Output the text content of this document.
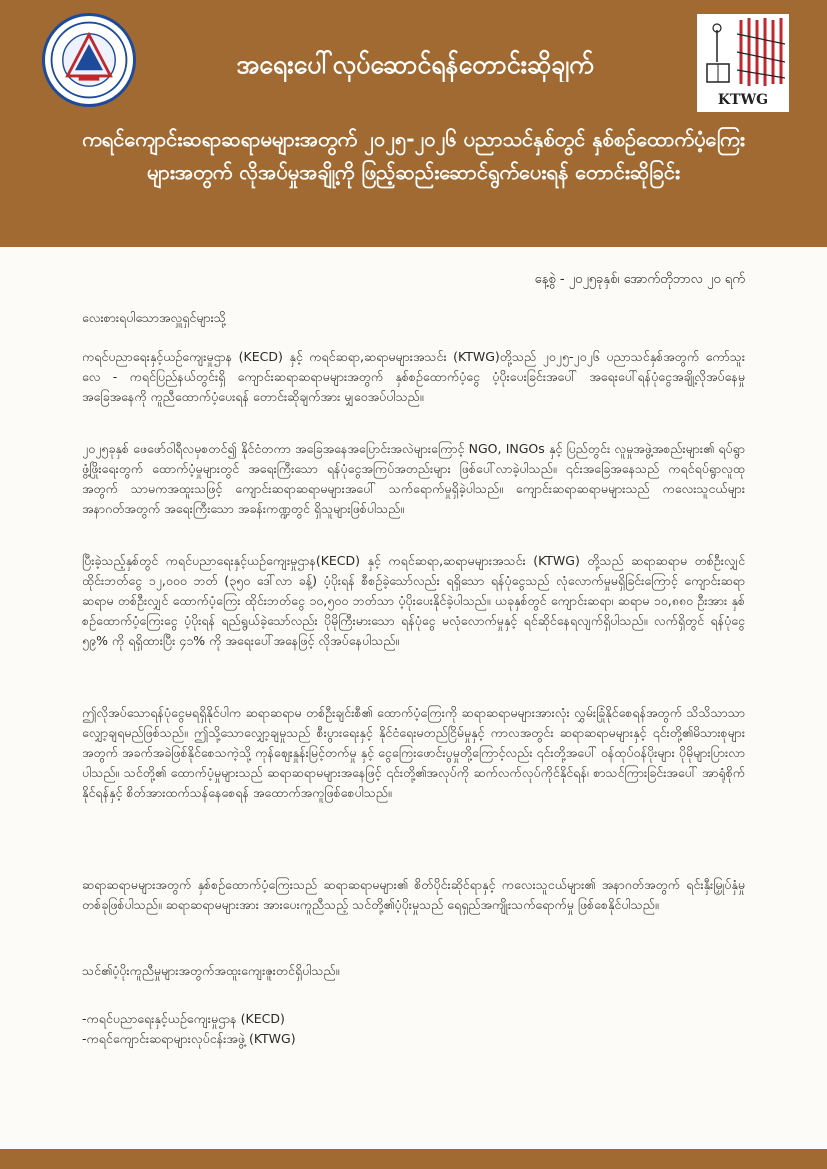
အရေးပေါ်လုပ်ဆောင်ရန်တောင်းဆိုချက်
KTWG
ကရင်ကျောင်းဆရာဆရာမများအတွက် ၂၀၂၅-၂၀၂၆ ပညာသင်နှစ်တွင် နှစ်စဥ်ထောက်ပံ့ကြေးများအတွက် လိုအပ်မှုအချို့ကို ဖြည့်ဆည်းဆောင်ရွက်ပေးရန် တောင်းဆိုခြင်း
နေ့စွဲ - ၂၀၂၅ခုနှစ်၊ အောက်တိုဘာလ ၂၀ ရက်
လေးစားရပါသောအလှူရှင်များသို့
ကရင်ပညာရေးနှင့်ယဉ်ကျေးမှုဌာန (KECD) နှင့် ကရင်ဆရာ,ဆရာမများအသင်း (KTWG)တို့သည် ၂၀၂၅-၂၀၂၆ ပညာသင်နှစ်အတွက် ကော်သူးလေ - ကရင်ပြည်နယ်တွင်းရှိ ကျောင်းဆရာဆရာမများအတွက် နှစ်စဥ်ထောက်ပံ့ငွေ ပံ့ပိုးပေးခြင်းအပေါ် အရေးပေါ်ရန်ပုံငွေအချို့လိုအပ်နေမှုအခြေအနေကို ကူညီထောက်ပံ့ပေးရန် တောင်းဆိုချက်အား မျှဝေအပ်ပါသည်။
၂၀၂၅ခုနှစ် ဖေဖော်ဝါရီလမှစတင်၍ နိုင်ငံတကာ အခြေအနေအပြောင်းအလဲများကြောင့် NGO, INGOs နှင့် ပြည်တွင်း လူမှုအဖွဲ့အစည်းများ၏ ရပ်ရွာဖွံ့ဖြိုးရေးတွက် ထောက်ပံ့မှုများတွင် အရေးကြီးသော ရန်ပုံငွေအကြပ်အတည်းများ ဖြစ်ပေါ်လာခဲ့ပါသည်။ ၎င်းအခြေအနေသည် ကရင်ရပ်ရွာလူထုအတွက် သာမကအထူးသဖြင့် ကျောင်းဆရာဆရာမများအပေါ် သက်ရောက်မှုရှိခဲ့ပါသည်။ ကျောင်းဆရာဆရာမများသည် ကလေးသူငယ်များ အနာဂတ်အတွက် အရေးကြီးသော အခန်းကဏ္ဍတွင် ရှိသူများဖြစ်ပါသည်။
ပြီးခဲ့သည့်နှစ်တွင် ကရင်ပညာရေးနှင့်ယဉ်ကျေးမှုဌာန(KECD) နှင့် ကရင်ဆရာ,ဆရာမများအသင်း (KTWG) တို့သည် ဆရာဆရာမ တစ်ဦးလျှင် ထိုင်းဘတ်ငွေ ၁၂,၀၀၀ ဘတ် (၃၅၀ ဒေါ်လာ ခန့်) ပံ့ပိုးရန် စီစဥ်ခဲ့သော်လည်း ရရှိသော ရန်ပုံငွေသည် လုံလောက်မှုမရှိခြင်းကြောင့် ကျောင်းဆရာဆရာမ တစ်ဦးလျှင် ထောက်ပံ့ကြေး ထိုင်းဘတ်ငွေ ၁၀,၅၀၀ ဘတ်သာ ပံ့ပိုးပေးနိုင်ခဲ့ပါသည်။ ယခုနှစ်တွင် ကျောင်းဆရာ၊ ဆရာမ ၁၀,၈၈၀ ဦးအား နှစ်စဥ်ထောက်ပံ့ကြေးငွေ ပံ့ပိုးရန် ရည်ရွယ်ခဲ့သော်လည်း ပိုမိုကြီးမားသော ရန်ပုံငွေ မလုံလောက်မှုနှင့် ရင်ဆိုင်နေရလျက်ရှိပါသည်။ လက်ရှိတွင် ရန်ပုံငွေ ၅၉% ကို ရရှိထားပြီး ၄၁% ကို အရေးပေါ်အနေဖြင့် လိုအပ်နေပါသည်။
ဤလိုအပ်သောရန်ပုံငွေမရရှိနိုင်ပါက ဆရာဆရာမ တစ်ဦးချင်းစီ၏ ထောက်ပံ့ကြေးကို ဆရာဆရာမများအားလုံး လွှမ်းခြုံနိုင်စေရန်အတွက် သိသိသာသာလျှော့ချရမည်ဖြစ်သည်။ ဤသို့သောလျှော့ချမှုသည် စီးပွားရေးနှင့် နိုင်ငံရေးမတည်ငြိမ်မှုနှင့် ကာလအတွင်း ဆရာဆရာမများနှင့် ၎င်းတို့၏မိသားစုများအတွက် အခက်အခဲဖြစ်နိုင်စေသကဲ့သို့ ကုန်ဈေးနှုန်းမြင့်တက်မှု နှင့် ငွေကြေးဖောင်းပွမှုတို့ကြောင့်လည်း ၎င်းတို့အပေါ် ဝန်ထုပ်ဝန်ပိုးများ ပိုမိုများပြားလာပါသည်။ သင်တို့၏ ထောက်ပံ့မှုများသည် ဆရာဆရာမများအနေဖြင့် ၎င်းတို့၏အလုပ်ကို ဆက်လက်လုပ်ကိုင်နိုင်ရန်၊ စာသင်ကြားခြင်းအပေါ် အာရုံစိုက်နိုင်ရန်နှင့် စိတ်အားထက်သန်နေစေရန် အထောက်အကူဖြစ်စေပါသည်။
ဆရာဆရာမများအတွက် နှစ်စဥ်ထောက်ပံ့ကြေးသည် ဆရာဆရာမများ၏ စိတ်ပိုင်းဆိုင်ရာနှင့် ကလေးသူငယ်များ၏ အနာဂတ်အတွက် ရင်းနှီးမြှုပ်နှံမှုတစ်ခုဖြစ်ပါသည်။ ဆရာဆရာမများအား အားပေးကူညီသည့် သင်တို့၏ပံ့ပိုးမှုသည် ရေရှည်အကျိုးသက်ရောက်မှု ဖြစ်စေနိုင်ပါသည်။
သင်၏ပံ့ပိုးကူညီမှုများအတွက်အထူးကျေးဇူးတင်ရှိပါသည်။
-ကရင်ပညာရေးနှင့်ယဉ်ကျေးမှုဌာန (KECD)
-ကရင်ကျောင်းဆရာများလုပ်ငန်းအဖွဲ့ (KTWG)
